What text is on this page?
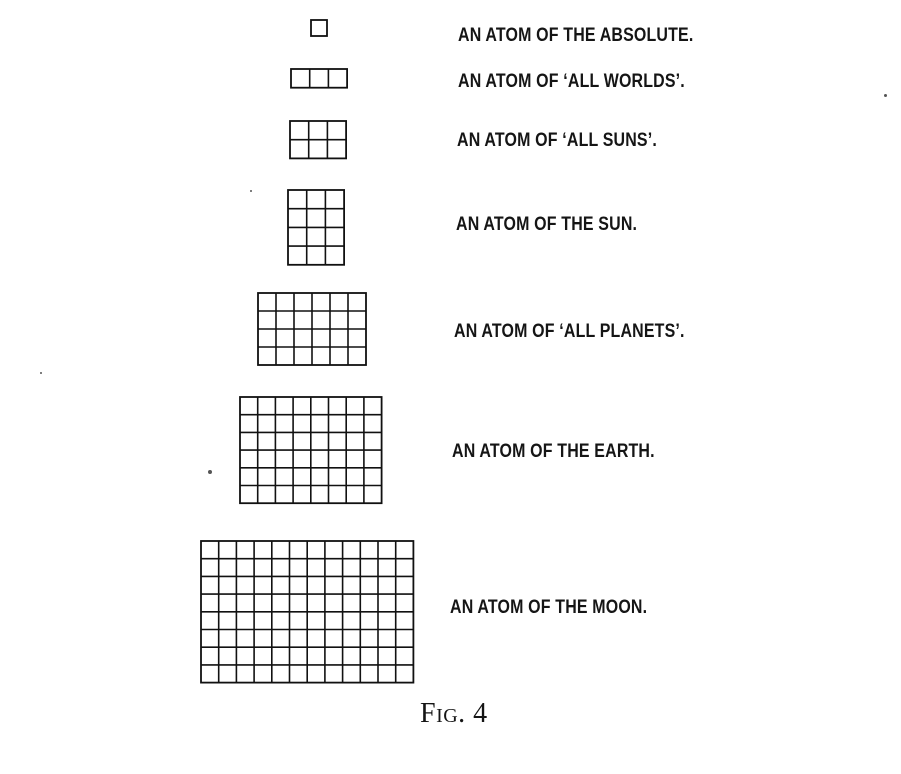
AN ATOM OF THE ABSOLUTE.
AN ATOM OF ‘ALL WORLDS’.
AN ATOM OF ‘ALL SUNS’.
AN ATOM OF THE SUN.
AN ATOM OF ‘ALL PLANETS’.
AN ATOM OF THE EARTH.
AN ATOM OF THE MOON.
Fig. 4
